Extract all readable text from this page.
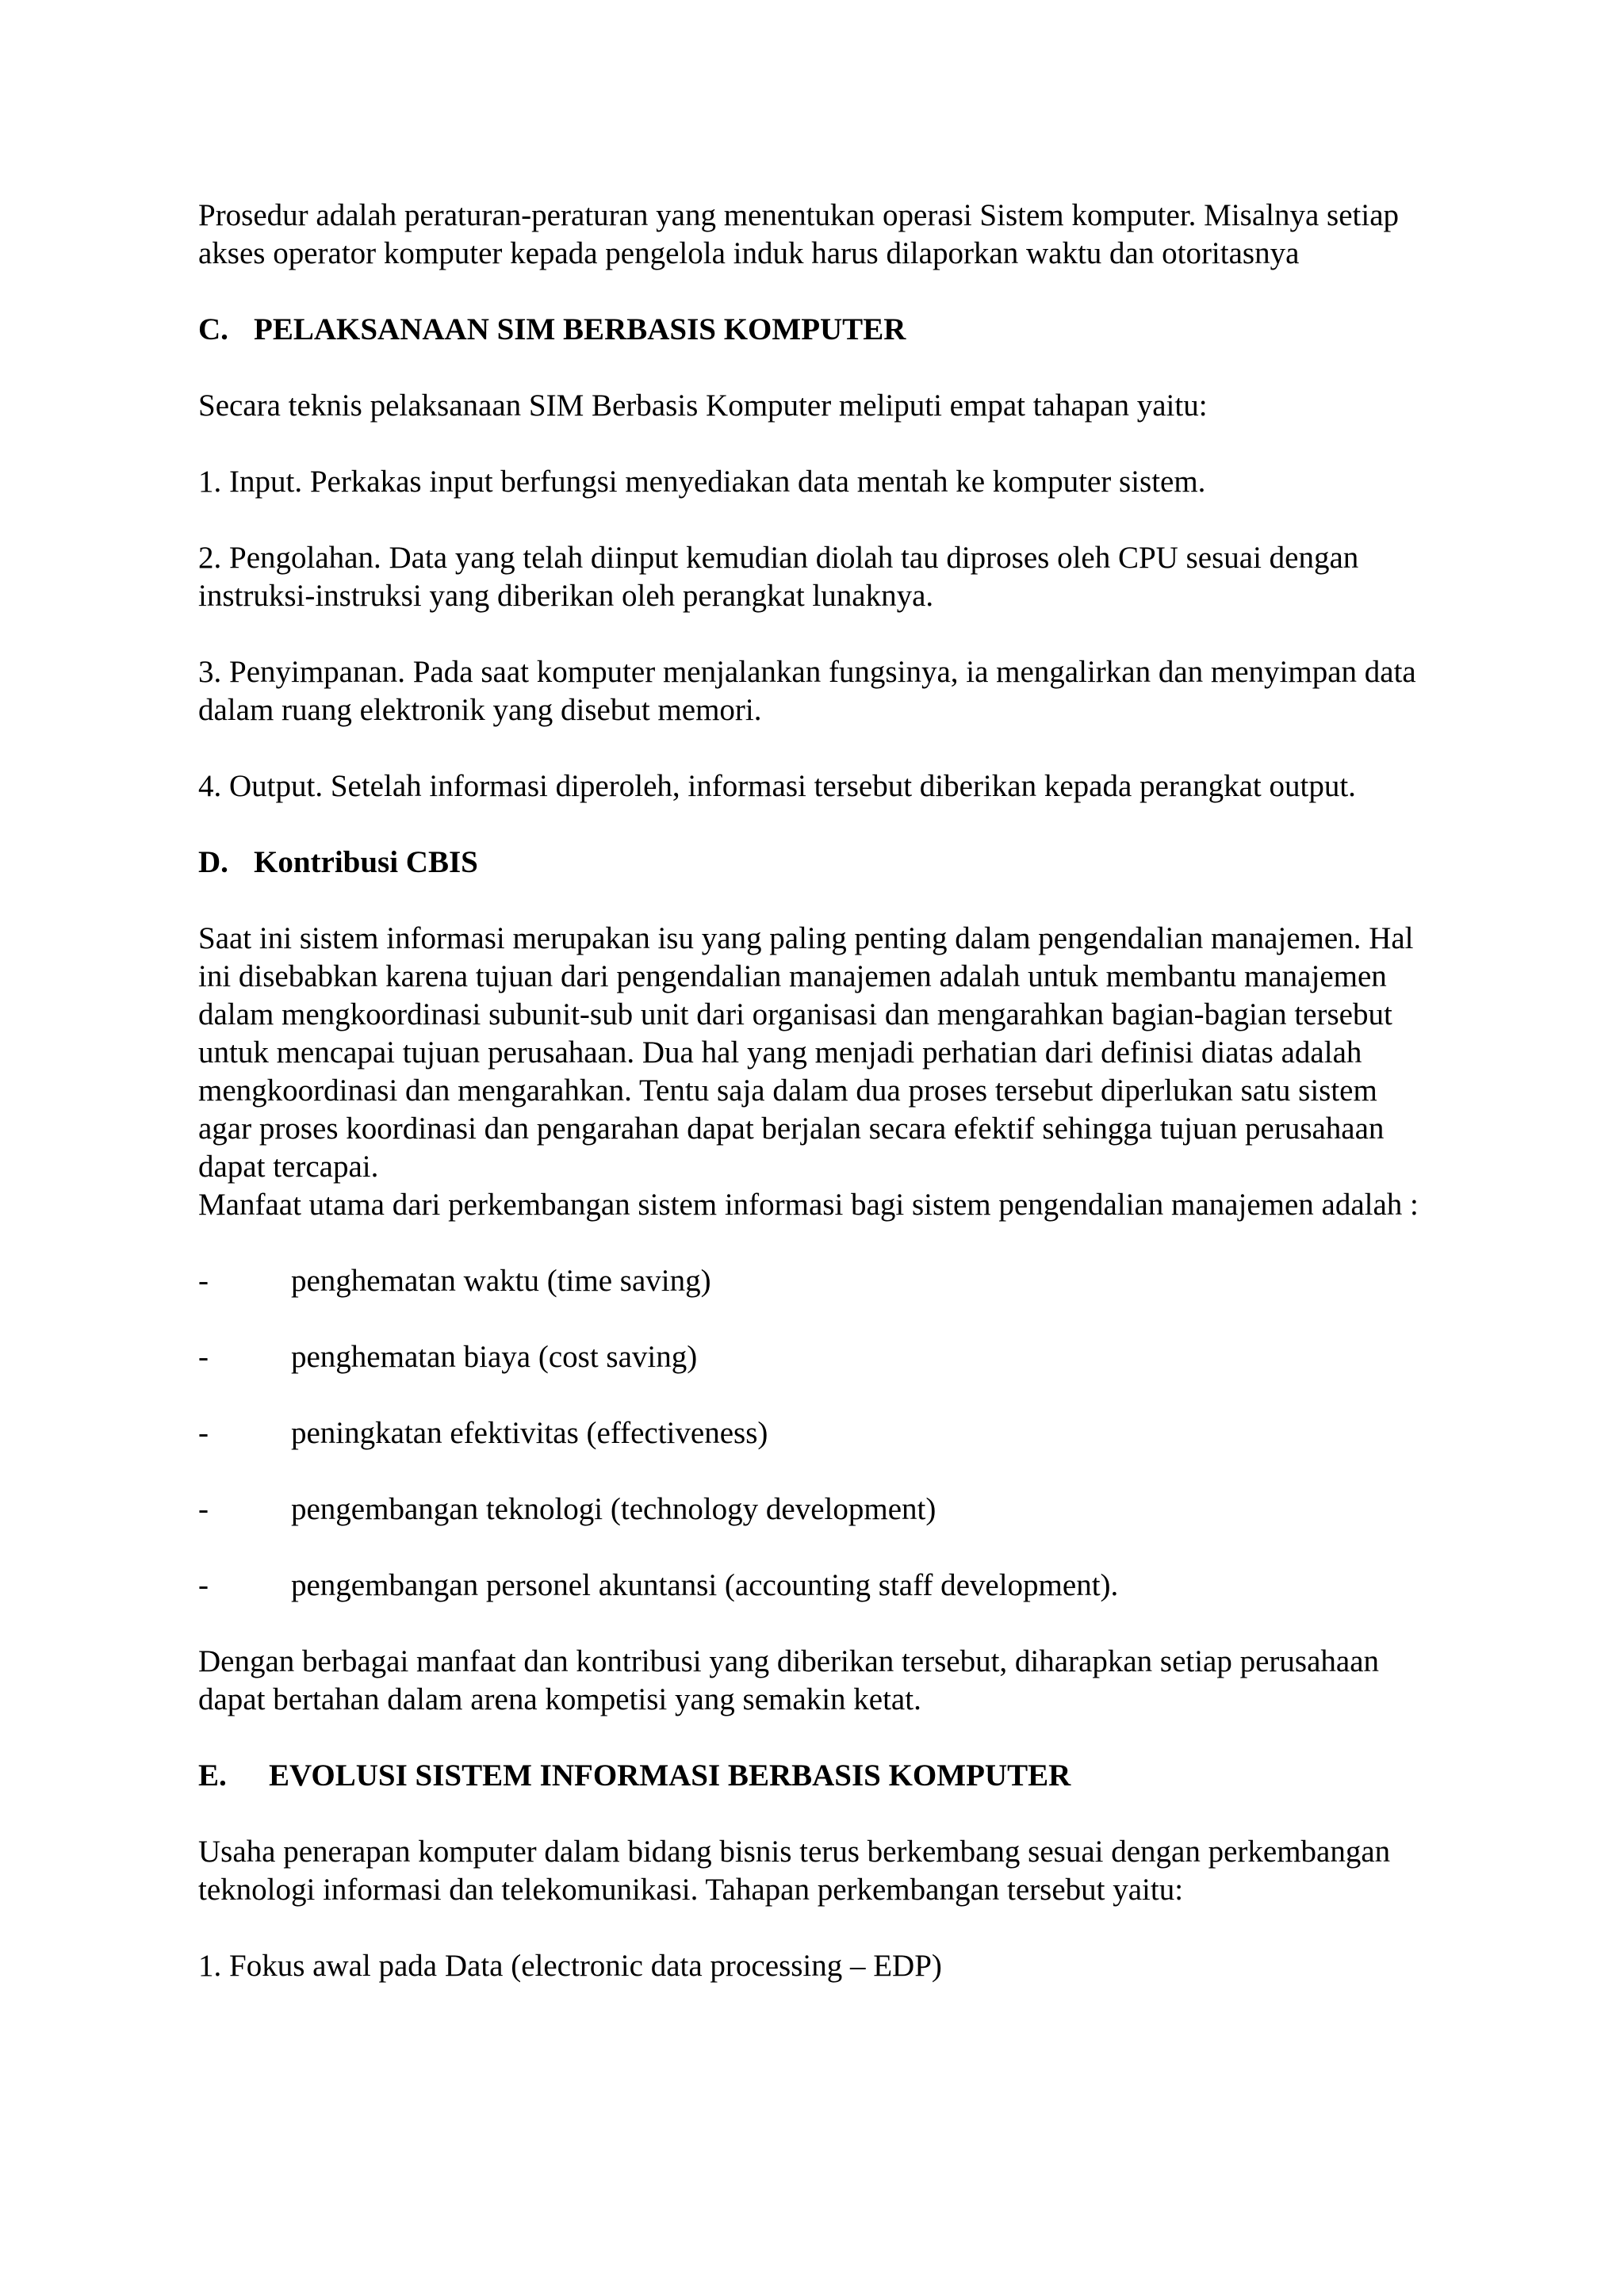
Prosedur adalah peraturan-peraturan yang menentukan operasi Sistem komputer. Misalnya setiap akses operator komputer kepada pengelola induk harus dilaporkan waktu dan otoritasnya

C. PELAKSANAAN SIM BERBASIS KOMPUTER

Secara teknis pelaksanaan SIM Berbasis Komputer meliputi empat tahapan yaitu:

1. Input. Perkakas input berfungsi menyediakan data mentah ke komputer sistem.

2. Pengolahan. Data yang telah diinput kemudian diolah tau diproses oleh CPU sesuai dengan instruksi-instruksi yang diberikan oleh perangkat lunaknya.

3. Penyimpanan. Pada saat komputer menjalankan fungsinya, ia mengalirkan dan menyimpan data dalam ruang elektronik yang disebut memori.

4. Output. Setelah informasi diperoleh, informasi tersebut diberikan kepada perangkat output.

D. Kontribusi CBIS

Saat ini sistem informasi merupakan isu yang paling penting dalam pengendalian manajemen. Hal ini disebabkan karena tujuan dari pengendalian manajemen adalah untuk membantu manajemen dalam mengkoordinasi subunit-sub unit dari organisasi dan mengarahkan bagian-bagian tersebut untuk mencapai tujuan perusahaan. Dua hal yang menjadi perhatian dari definisi diatas adalah mengkoordinasi dan mengarahkan. Tentu saja dalam dua proses tersebut diperlukan satu sistem agar proses koordinasi dan pengarahan dapat berjalan secara efektif sehingga tujuan perusahaan dapat tercapai.

Manfaat utama dari perkembangan sistem informasi bagi sistem pengendalian manajemen adalah :

-	penghematan waktu (time saving)
-	penghematan biaya (cost saving)
-	peningkatan efektivitas (effectiveness)
-	pengembangan teknologi (technology development)
-	pengembangan personel akuntansi (accounting staff development).

Dengan berbagai manfaat dan kontribusi yang diberikan tersebut, diharapkan setiap perusahaan dapat bertahan dalam arena kompetisi yang semakin ketat.

E. EVOLUSI SISTEM INFORMASI BERBASIS KOMPUTER

Usaha penerapan komputer dalam bidang bisnis terus berkembang sesuai dengan perkembangan teknologi informasi dan telekomunikasi. Tahapan perkembangan tersebut yaitu:

1. Fokus awal pada Data (electronic data processing – EDP)
